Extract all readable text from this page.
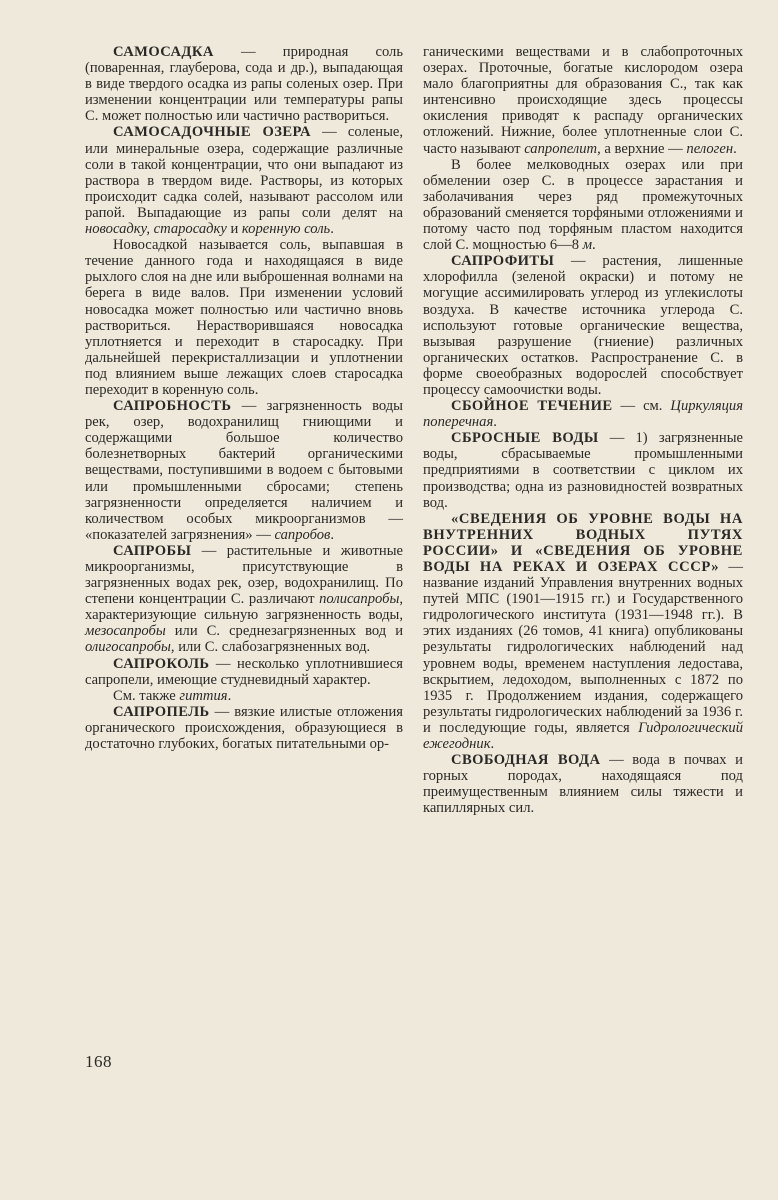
САМОСАДКА — природная соль (поваренная, глауберова, сода и др.), выпадающая в виде твердого осадка из рапы соленых озер. При изменении концентрации или температуры рапы С. может полностью или частично раствориться.

САМОСАДОЧНЫЕ ОЗЕРА — соленые, или минеральные озера, содержащие различные соли в такой концентрации, что они выпадают из раствора в твердом виде. Растворы, из которых происходит садка солей, называют рассолом или рапой. Выпадающие из рапы соли делят на новосадку, старосадку и коренную соль.

Новосадкой называется соль, выпавшая в течение данного года и находящаяся в виде рыхлого слоя на дне или выброшенная волнами на берега в виде валов. При изменении условий новосадка может полностью или частично вновь раствориться. Нерастворившаяся новосадка уплотняется и переходит в старосадку. При дальнейшей перекристаллизации и уплотнении под влиянием выше лежащих слоев старосадка переходит в коренную соль.

САПРОБНОСТЬ — загрязненность воды рек, озер, водохранилищ гниющими и содержащими большое количество болезнетворных бактерий органическими веществами, поступившими в водоем с бытовыми или промышленными сбросами; степень загрязненности определяется наличием и количеством особых микроорганизмов — «показателей загрязнения» — сапробов.

САПРОБЫ — растительные и животные микроорганизмы, присутствующие в загрязненных водах рек, озер, водохранилищ. По степени концентрации С. различают полисапробы, характеризующие сильную загрязненность воды, мезосапробы или С. среднезагрязненных вод и олигосапробы, или С. слабозагрязненных вод.

САПРОКОЛЬ — несколько уплотнившиеся сапропели, имеющие студневидный характер.

См. также гиттия.

САПРОПЕЛЬ — вязкие илистые отложения органического происхождения, образующиеся в достаточно глубоких, богатых питательными ор-

ганическими веществами и в слабопроточных озерах. Проточные, богатые кислородом озера мало благоприятны для образования С., так как интенсивно происходящие здесь процессы окисления приводят к распаду органических отложений. Нижние, более уплотненные слои С. часто называют сапропелит, а верхние — пелоген.

В более мелководных озерах или при обмелении озер С. в процессе зарастания и заболачивания через ряд промежуточных образований сменяется торфяными отложениями и потому часто под торфяным пластом находится слой С. мощностью 6—8 м.

САПРОФИТЫ — растения, лишенные хлорофилла (зеленой окраски) и потому не могущие ассимилировать углерод из углекислоты воздуха. В качестве источника углерода С. используют готовые органические вещества, вызывая разрушение (гниение) различных органических остатков. Распространение С. в форме своеобразных водорослей способствует процессу самоочистки воды.

СБОЙНОЕ ТЕЧЕНИЕ — см. Циркуляция поперечная.

СБРОСНЫЕ ВОДЫ — 1) загрязненные воды, сбрасываемые промышленными предприятиями в соответствии с циклом их производства; одна из разновидностей возвратных вод.

«СВЕДЕНИЯ ОБ УРОВНЕ ВОДЫ НА ВНУТРЕННИХ ВОДНЫХ ПУТЯХ РОССИИ» И «СВЕДЕНИЯ ОБ УРОВНЕ ВОДЫ НА РЕКАХ И ОЗЕРАХ СССР» — название изданий Управления внутренних водных путей МПС (1901—1915 гг.) и Государственного гидрологического института (1931—1948 гг.). В этих изданиях (26 томов, 41 книга) опубликованы результаты гидрологических наблюдений над уровнем воды, временем наступления ледостава, вскрытием, ледоходом, выполненных с 1872 по 1935 г. Продолжением издания, содержащего результаты гидрологических наблюдений за 1936 г. и последующие годы, является Гидрологический ежегодник.

СВОБОДНАЯ ВОДА — вода в почвах и горных породах, находящаяся под преимущественным влиянием силы тяжести и капиллярных сил.

168
